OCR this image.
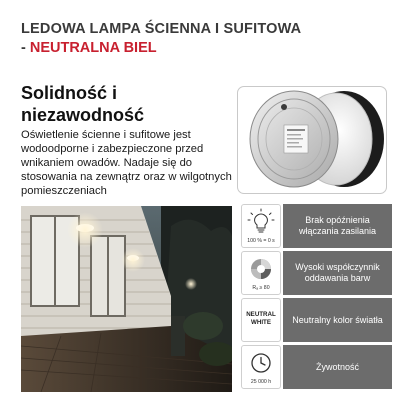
LEDOWA LAMPA ŚCIENNA I SUFITOWA
- NEUTRALNA BIEL
Solidność i
niezawodność
Oświetlenie ścienne i sufitowe jest wodoodporne i zabezpieczone przed wnikaniem owadów. Nadaje się do stosowania na zewnątrz oraz w wilgotnych pomieszczeniach
100 % = 0 s
Brak opóźnienia włączania zasilania
Rₐ ≥ 80
Wysoki współczynnik oddawania barw
NEUTRAL
WHITE	Neutralny kolor światła
25 000 h
Żywotność
